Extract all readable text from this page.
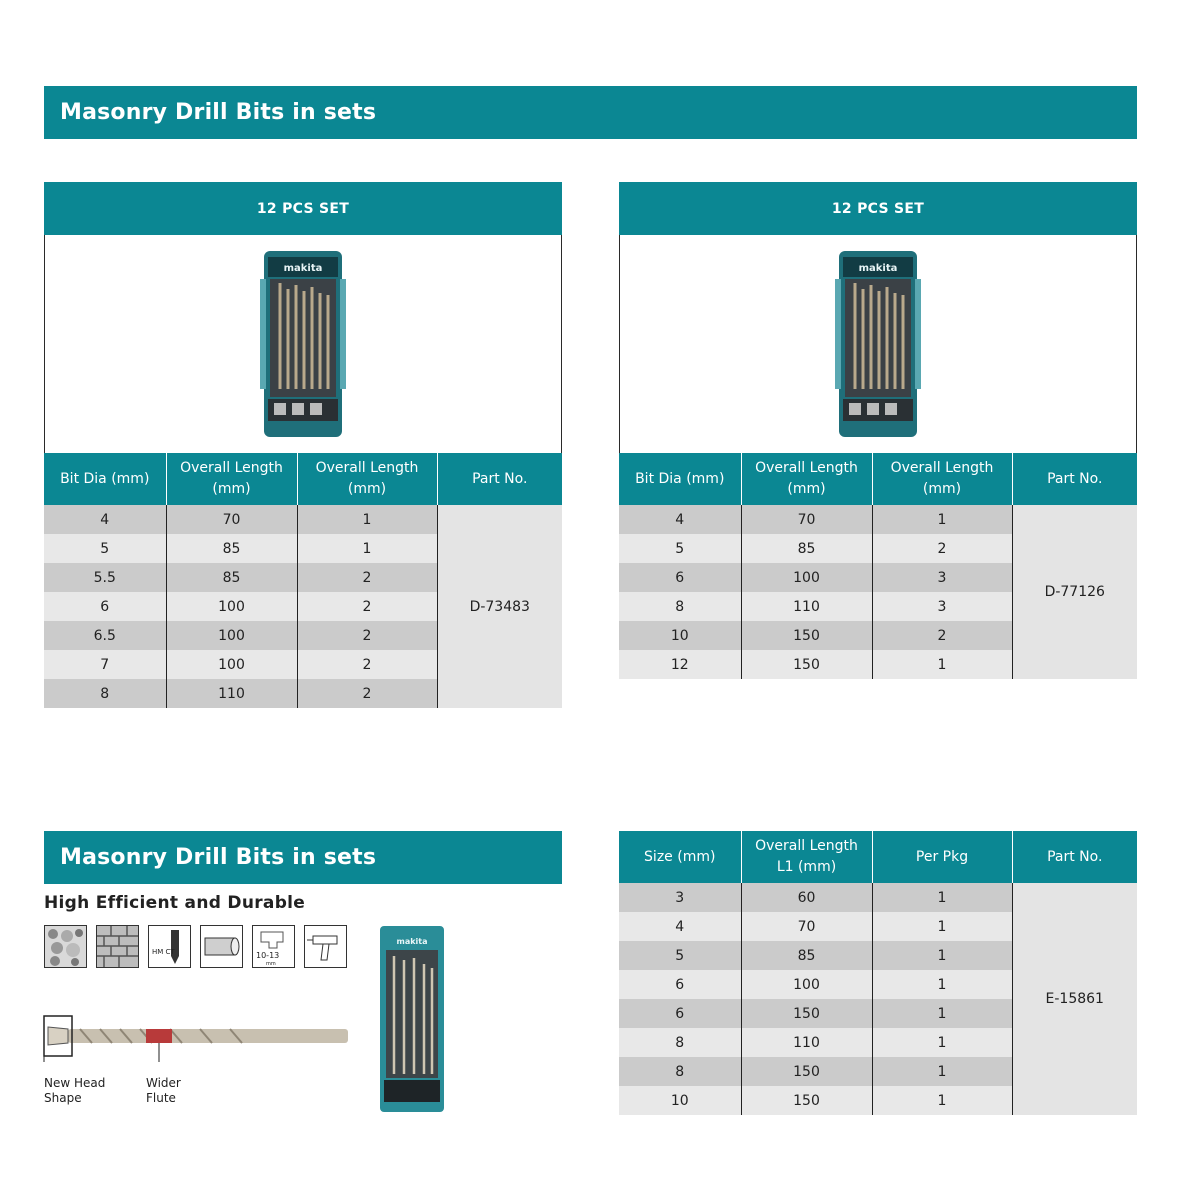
Masonry Drill Bits in sets
12 PCS SET
makita
Bit Dia (mm)	Overall Length (mm)	Overall Length (mm)	Part No.
4	70	1	D-73483
5	85	1	
5.5	85	2	
6	100	2	
6.5	100	2	
7	100	2	
8	110	2	
12 PCS SET
makita
Bit Dia (mm)	Overall Length (mm)	Overall Length (mm)	Part No.
4	70	1	D-77126
5	85	2	
6	100	3	
8	110	3	
10	150	2	
12	150	1	
Masonry Drill Bits in sets
High Efficient and Durable
HM CT	10-13
mm
New Head Shape
Wider Flute
makita
Size (mm)	Overall Length L1 (mm)	Per Pkg	Part No.
3	60	1	E-15861
4	70	1	
5	85	1	
6	100	1	
6	150	1	
8	110	1	
8	150	1	
10	150	1	
